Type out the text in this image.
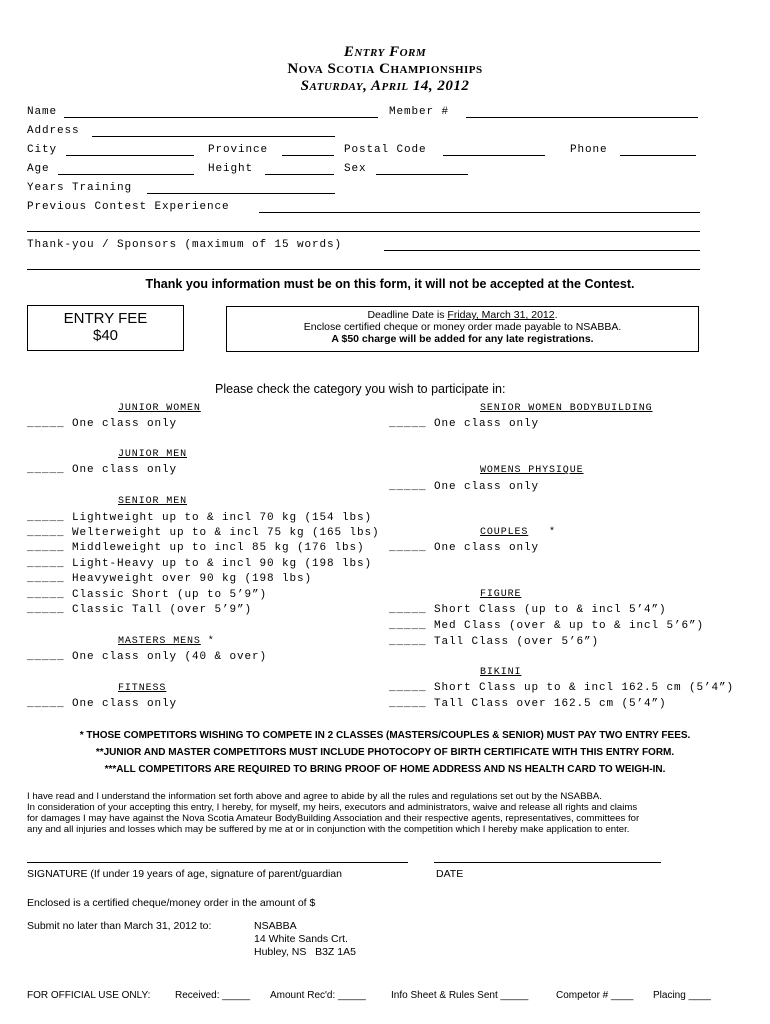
Entry Form
Nova Scotia Championships
Saturday, April 14, 2012
Name	Member #
Address
City	Province	Postal Code	Phone
Age	Height	Sex
Years Training
Previous Contest Experience
Thank-you / Sponsors (maximum of 15 words)
Thank you information must be on this form, it will not be accepted at the Contest.
ENTRY FEE
$40
Deadline Date is Friday, March 31, 2012.
Enclose certified cheque or money order made payable to NSABBA.
A $50 charge will be added for any late registrations.
Please check the category you wish to participate in:
JUNIOR WOMEN
_____ One class only
JUNIOR MEN
_____ One class only
SENIOR MEN
_____ Lightweight up to & incl 70 kg (154 lbs)
_____ Welterweight up to & incl 75 kg (165 lbs)
_____ Middleweight up to incl 85 kg (176 lbs)
_____ Light-Heavy up to & incl 90 kg (198 lbs)
_____ Heavyweight over 90 kg (198 lbs)
_____ Classic Short (up to 5’9”)
_____ Classic Tall (over 5’9”)
MASTERS MENS *
_____ One class only (40 & over)
FITNESS
_____ One class only
SENIOR WOMEN BODYBUILDING
_____ One class only
WOMENS PHYSIQUE
_____ One class only
COUPLES *
_____ One class only
FIGURE
_____ Short Class (up to & incl 5’4”)
_____ Med Class (over & up to & incl 5’6”)
_____ Tall Class (over 5’6”)
BIKINI
_____ Short Class up to & incl 162.5 cm (5’4”)
_____ Tall Class over 162.5 cm (5’4”)
* THOSE COMPETITORS WISHING TO COMPETE IN 2 CLASSES (MASTERS/COUPLES & SENIOR) MUST PAY TWO ENTRY FEES.
**JUNIOR AND MASTER COMPETITORS MUST INCLUDE PHOTOCOPY OF BIRTH CERTIFICATE WITH THIS ENTRY FORM.
***ALL COMPETITORS ARE REQUIRED TO BRING PROOF OF HOME ADDRESS AND NS HEALTH CARD TO WEIGH-IN.
I have read and I understand the information set forth above and agree to abide by all the rules and regulations set out by the NSABBA.
In consideration of your accepting this entry, I hereby, for myself, my heirs, executors and administrators, waive and release all rights and claims
for damages I may have against the Nova Scotia Amateur BodyBuilding Association and their respective agents, representatives, committees for
any and all injuries and losses which may be suffered by me at or in conjunction with the competition which I hereby make application to enter.
SIGNATURE (If under 19 years of age, signature of parent/guardian	DATE
Enclosed is a certified cheque/money order in the amount of $
Submit no later than March 31, 2012 to:	NSABBA
14 White Sands Crt.
Hubley, NS   B3Z 1A5
FOR OFFICIAL USE ONLY: Received: _____ Amount Rec'd: _____	Info Sheet & Rules Sent _____	Competor # ____ Placing ____
